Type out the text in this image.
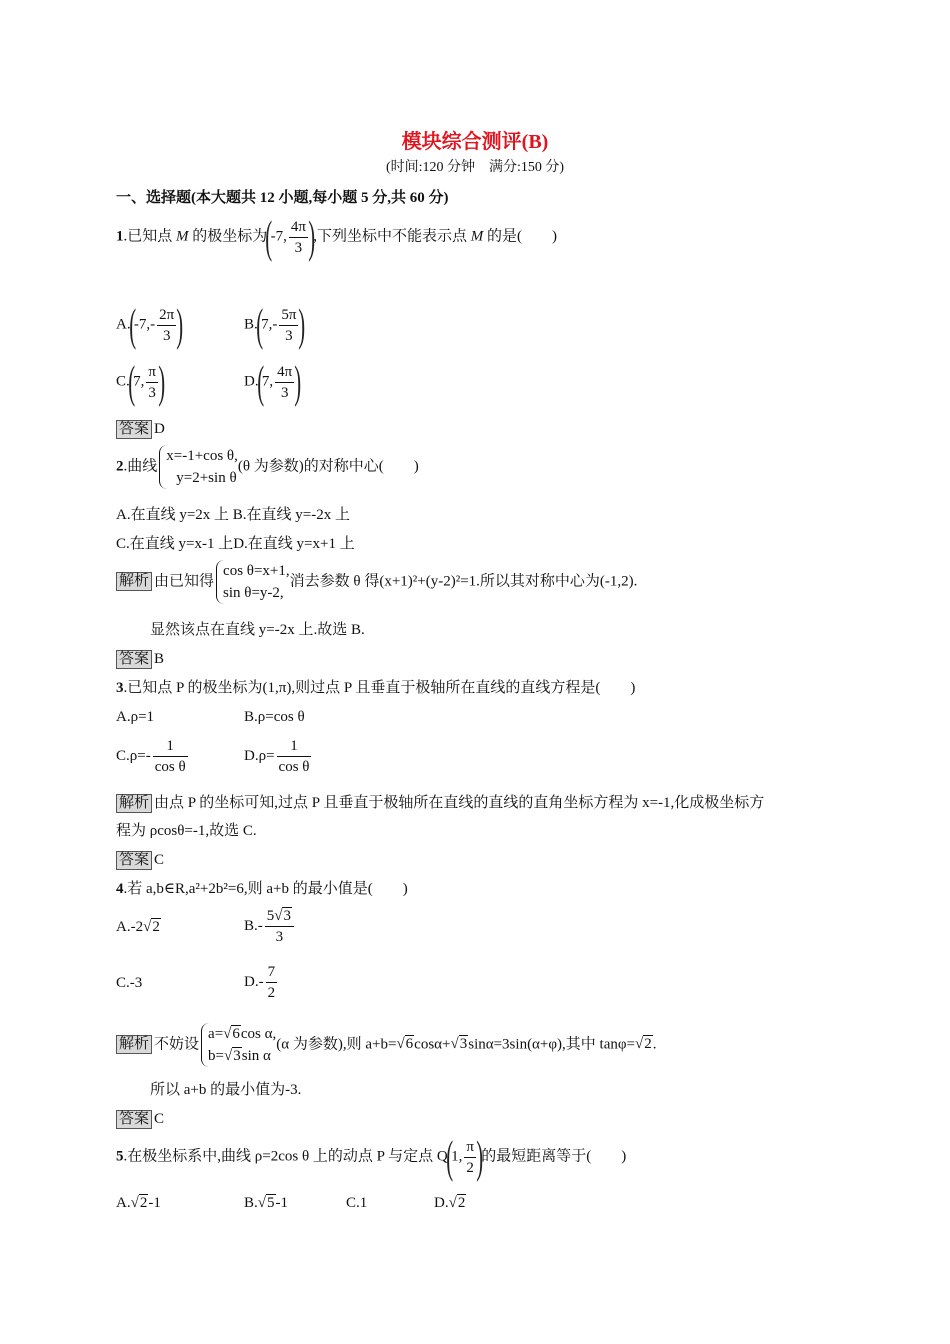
模块综合测评(B)
(时间:120 分钟　满分:150 分)
一、选择题(本大题共 12 小题,每小题 5 分,共 60 分)
1.已知点 M 的极坐标为(-7, $\frac{4\pi}{3}$ ),下列坐标中不能表示点 M 的是(　　)
$A.(-7,- \frac{2\pi}{3}$ )	$B.(7,- \frac{5\pi}{3}$ )
C.(7, $\frac{\pi}{3}$ )	D.(7, $\frac{4\pi}{3}$ )
答案 D
2.曲线
x=-1+cos θ,
y=2+sin θ
(θ 为参数)的对称中心(　　)
A.在直线 y=2x 上 B.在直线 y=-2x 上
C.在直线 y=x-1 上D.在直线 y=x+1 上
解析 由已知得
cos θ=x+1,
sin θ=y-2,
消去参数 θ 得(x+1)²+(y-2)²=1.所以其对称中心为(-1,2).
显然该点在直线 y=-2x 上.故选 B.
答案 B
3.已知点 P 的极坐标为(1,π),则过点 P 且垂直于极轴所在直线的直线方程是(　　)
A.ρ=1	B.ρ=cos θ
$C.\rho=- \frac{1}{\text{cos θ}}$	$D.\rho= \frac{1}{\text{cos θ}}$
解析 由点 P 的坐标可知,过点 P 且垂直于极轴所在直线的直线的直角坐标方程为 x=-1,化成极坐标方
程为 ρcosθ=-1,故选 C.
答案 C
4.若 a,b∈R,a²+2b²=6,则 a+b 的最小值是(　　)
A.-2√2	$B.- \frac{5√3}{3}$
C.-3	$D.- \frac{7}{2}$
解析 不妨设
a=√6cos α,
b=√3sin α
(α 为参数),则 a+b=√6cosα+√3sinα=3sin(α+φ),其中 tanφ=√2.
所以 a+b 的最小值为-3.
答案 C
5.在极坐标系中,曲线 ρ=2cos θ 上的动点 P 与定点 Q(1, $\frac{\pi}{2}$ )的最短距离等于(　　)
A.√2-1	B.√5-1	C.1	D.√2
